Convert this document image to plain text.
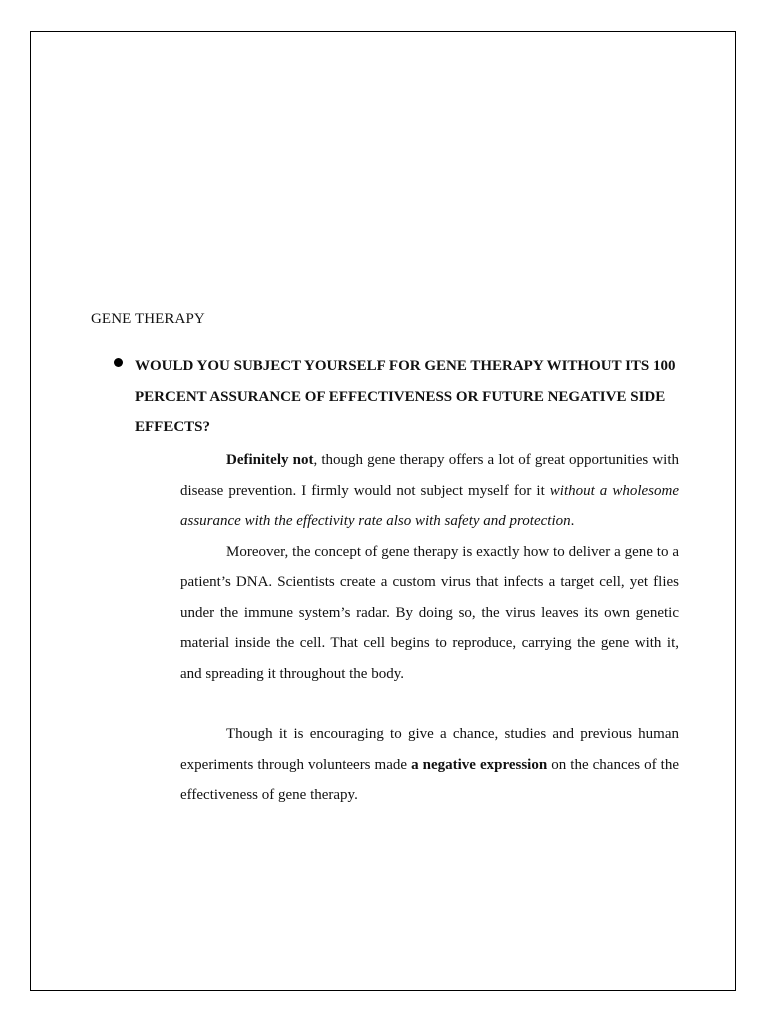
GENE THERAPY
WOULD YOU SUBJECT YOURSELF FOR GENE THERAPY WITHOUT ITS 100 PERCENT ASSURANCE OF EFFECTIVENESS OR FUTURE NEGATIVE SIDE EFFECTS?

Definitely not, though gene therapy offers a lot of great opportunities with disease prevention. I firmly would not subject myself for it without a wholesome assurance with the effectivity rate also with safety and protection.

Moreover, the concept of gene therapy is exactly how to deliver a gene to a patient’s DNA. Scientists create a custom virus that infects a target cell, yet flies under the immune system’s radar. By doing so, the virus leaves its own genetic material inside the cell. That cell begins to reproduce, carrying the gene with it, and spreading it throughout the body.

Though it is encouraging to give a chance, studies and previous human experiments through volunteers made a negative expression on the chances of the effectiveness of gene therapy.
